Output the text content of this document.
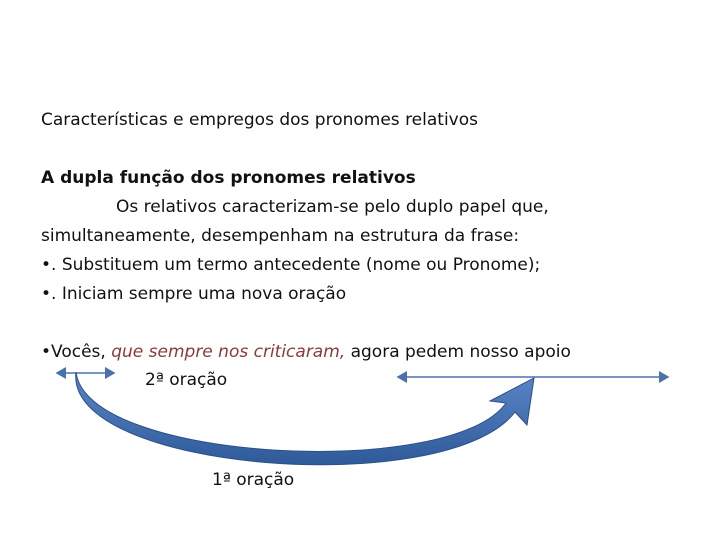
Características e empregos dos pronomes relativos
A dupla função dos pronomes relativos
Os relativos caracterizam-se pelo duplo papel que,
simultaneamente, desempenham na estrutura da frase:
•. Substituem um termo antecedente (nome ou Pronome);
•. Iniciam sempre uma nova oração
•Vocês, que sempre nos criticaram, agora pedem nosso apoio
2ª oração
1ª oração
